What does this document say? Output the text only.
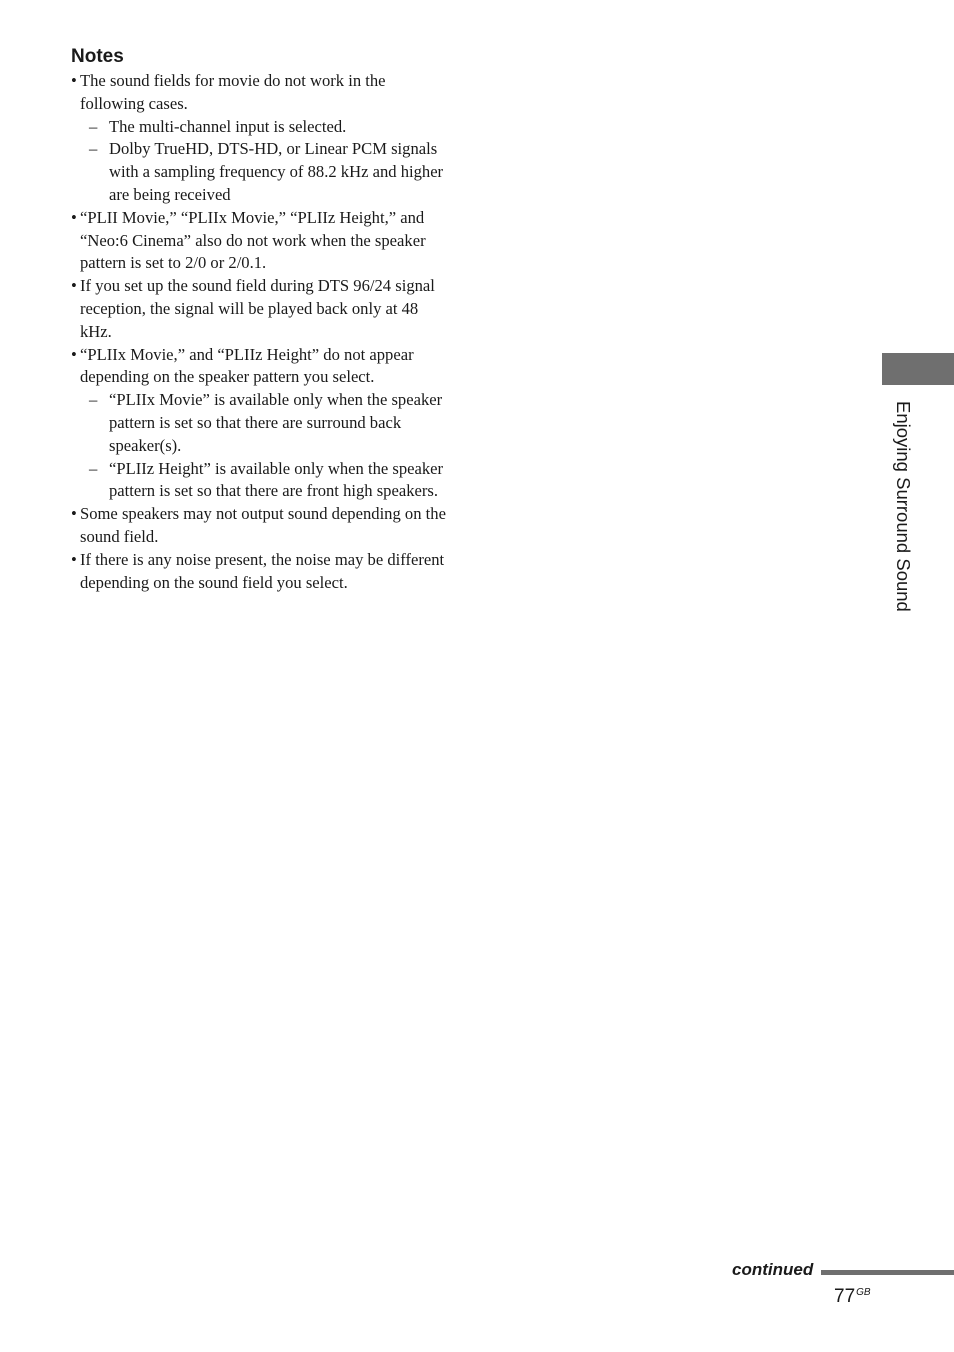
Notes
• The sound fields for movie do not work in the following cases.
– The multi-channel input is selected.
– Dolby TrueHD, DTS-HD, or Linear PCM signals with a sampling frequency of 88.2 kHz and higher are being received
• “PLII Movie,” “PLIIx Movie,” “PLIIz Height,” and “Neo:6 Cinema” also do not work when the speaker pattern is set to 2/0 or 2/0.1.
• If you set up the sound field during DTS 96/24 signal reception, the signal will be played back only at 48 kHz.
• “PLIIx Movie,” and “PLIIz Height” do not appear depending on the speaker pattern you select.
– “PLIIx Movie” is available only when the speaker pattern is set so that there are surround back speaker(s).
– “PLIIz Height” is available only when the speaker pattern is set so that there are front high speakers.
• Some speakers may not output sound depending on the sound field.
• If there is any noise present, the noise may be different depending on the sound field you select.	Enjoying Surround Sound
continued
$77^{GB}$
